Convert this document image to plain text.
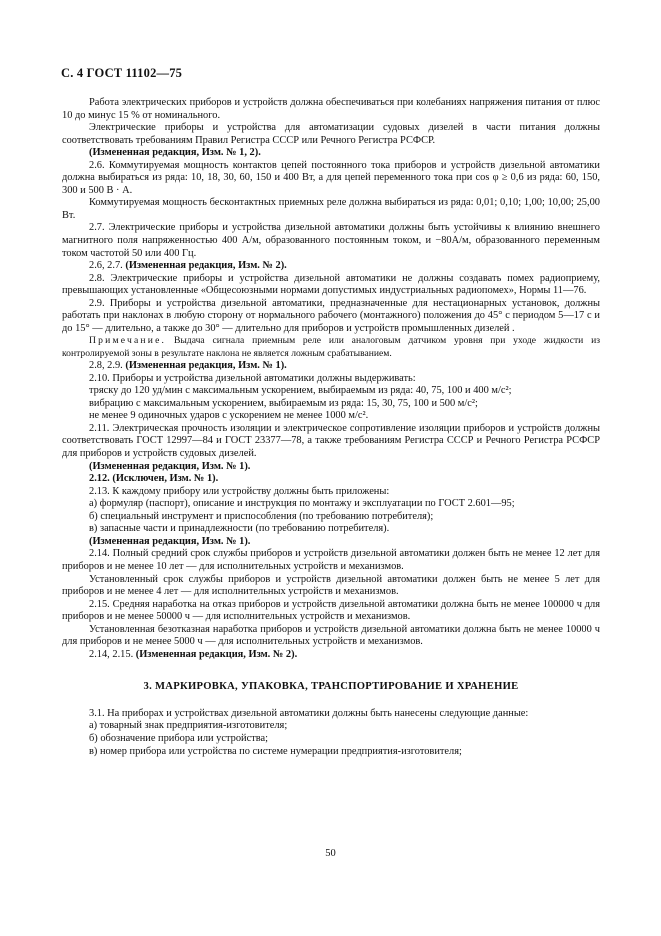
С. 4 ГОСТ 11102—75

Работа электрических приборов и устройств должна обеспечиваться при колебаниях напряжения питания от плюс 10 до минус 15 % от номинального.

Электрические приборы и устройства для автоматизации судовых дизелей в части питания должны соответствовать требованиям Правил Регистра СССР или Речного Регистра РСФСР.

(Измененная редакция, Изм. № 1, 2).

2.6. Коммутируемая мощность контактов цепей постоянного тока приборов и устройств дизельной автоматики должна выбираться из ряда: 10, 18, 30, 60, 150 и 400 Вт, а для цепей переменного тока при cos φ ≥ 0,6 из ряда: 60, 150, 300 и 500 В · А.

Коммутируемая мощность бесконтактных приемных реле должна выбираться из ряда: 0,01; 0,10; 1,00; 10,00; 25,00 Вт.

2.7. Электрические приборы и устройства дизельной автоматики должны быть устойчивы к влиянию внешнего магнитного поля напряженностью 400 А/м, образованного постоянным током, и −80А/м, образованного переменным током частотой 50 или 400 Гц.

2.6, 2.7. (Измененная редакция, Изм. № 2).

2.8. Электрические приборы и устройства дизельной автоматики не должны создавать помех радиоприему, превышающих установленные «Общесоюзными нормами допустимых индустриальных радиопомех», Нормы 11—76.

2.9. Приборы и устройства дизельной автоматики, предназначенные для нестационарных установок, должны работать при наклонах в любую сторону от нормального рабочего (монтажного) положения до 45° с периодом 5—17 с и до 15° — длительно, а также до 30° — длительно для приборов и устройств промышленных дизелей .

Примечание. Выдача сигнала приемным реле или аналоговым датчиком уровня при уходе жидкости из контролируемой зоны в результате наклона не является ложным срабатыванием.

2.8, 2.9. (Измененная редакция, Изм. № 1).

2.10. Приборы и устройства дизельной автоматики должны выдерживать:

тряску до 120 уд/мин с максимальным ускорением, выбираемым из ряда: 40, 75, 100 и 400 м/с²;

вибрацию с максимальным ускорением, выбираемым из ряда: 15, 30, 75, 100 и 500 м/с²;

не менее 9 одиночных ударов с ускорением не менее 1000 м/с².

2.11. Электрическая прочность изоляции и электрическое сопротивление изоляции приборов и устройств должны соответствовать ГОСТ 12997—84 и ГОСТ 23377—78, а также требованиям Регистра СССР и Речного Регистра РСФСР для приборов и устройств судовых дизелей.

(Измененная редакция, Изм. № 1).

2.12. (Исключен, Изм. № 1).

2.13. К каждому прибору или устройству должны быть приложены:

а) формуляр (паспорт), описание и инструкция по монтажу и эксплуатации по ГОСТ 2.601—95;

б) специальный инструмент и приспособления (по требованию потребителя);

в) запасные части и принадлежности (по требованию потребителя).

(Измененная редакция, Изм. № 1).

2.14. Полный средний срок службы приборов и устройств дизельной автоматики должен быть не менее 12 лет для приборов и не менее 10 лет — для исполнительных устройств и механизмов.

Установленный срок службы приборов и устройств дизельной автоматики должен быть не менее 5 лет для приборов и не менее 4 лет — для исполнительных устройств и механизмов.

2.15. Средняя наработка на отказ приборов и устройств дизельной автоматики должна быть не менее 100000 ч для приборов и не менее 50000 ч — для исполнительных устройств и механизмов.

Установленная безотказная наработка приборов и устройств дизельной автоматики должна быть не менее 10000 ч для приборов и не менее 5000 ч — для исполнительных устройств и механизмов.

2.14, 2.15. (Измененная редакция, Изм. № 2).

3. МАРКИРОВКА, УПАКОВКА, ТРАНСПОРТИРОВАНИЕ И ХРАНЕНИЕ

3.1. На приборах и устройствах дизельной автоматики должны быть нанесены следующие данные:

а) товарный знак предприятия-изготовителя;

б) обозначение прибора или устройства;

в) номер прибора или устройства по системе нумерации предприятия-изготовителя;

50
